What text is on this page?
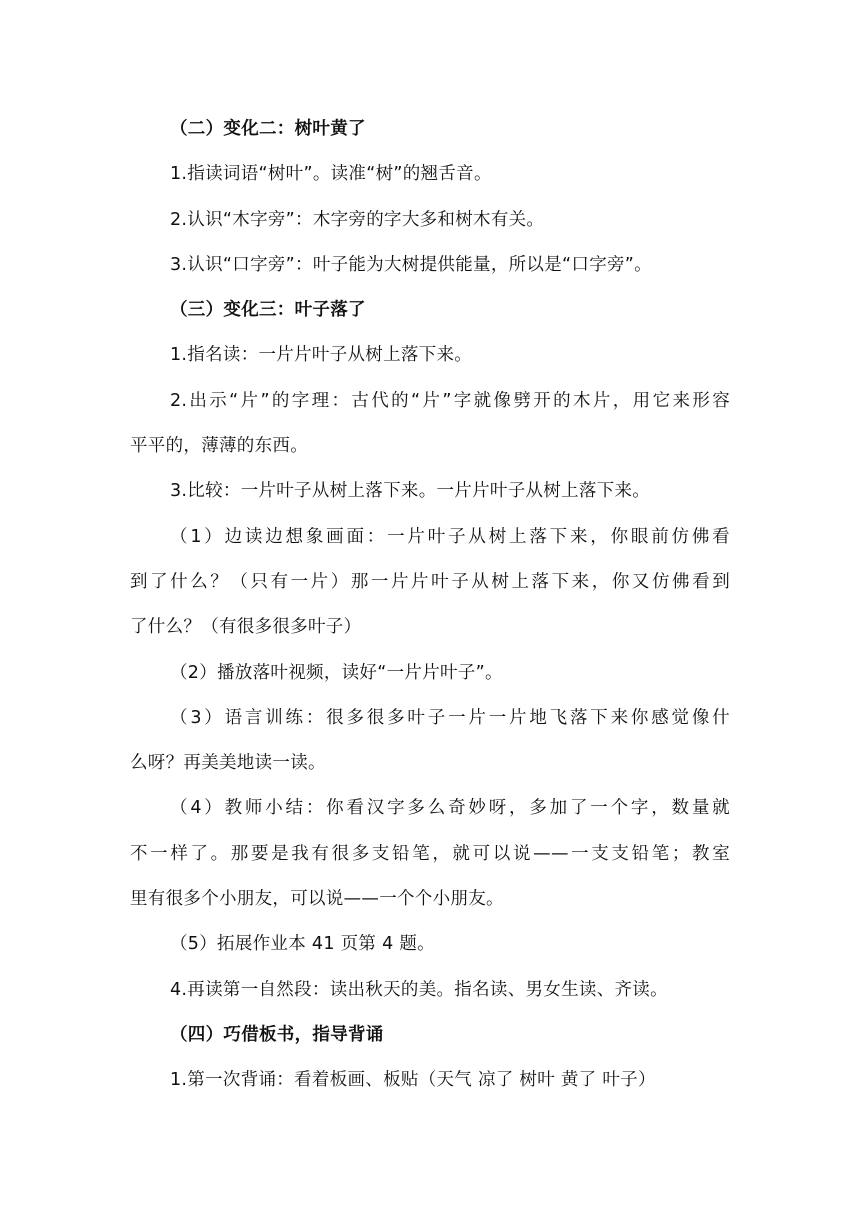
（二）变化二：树叶黄了
1.指读词语“树叶”。读准“树”的翘舌音。
2.认识“木字旁”：木字旁的字大多和树木有关。
3.认识“口字旁”：叶子能为大树提供能量，所以是“口字旁”。
（三）变化三：叶子落了
1.指名读：一片片叶子从树上落下来。
2.出示“片”的字理：古代的“片”字就像劈开的木片，用它来形容
平平的，薄薄的东西。
3.比较：一片叶子从树上落下来。一片片叶子从树上落下来。
（1）边读边想象画面：一片叶子从树上落下来，你眼前仿佛看
到了什么？（只有一片）那一片片叶子从树上落下来，你又仿佛看到
了什么？（有很多很多叶子）
（2）播放落叶视频，读好“一片片叶子”。
（3）语言训练：很多很多叶子一片一片地飞落下来你感觉像什
么呀？再美美地读一读。
（4）教师小结：你看汉字多么奇妙呀，多加了一个字，数量就
不一样了。那要是我有很多支铅笔，就可以说——一支支铅笔；教室
里有很多个小朋友，可以说——一个个小朋友。
（5）拓展作业本 41 页第 4 题。
4.再读第一自然段：读出秋天的美。指名读、男女生读、齐读。
（四）巧借板书，指导背诵
1.第一次背诵：看着板画、板贴（天气 凉了 树叶 黄了 叶子）
